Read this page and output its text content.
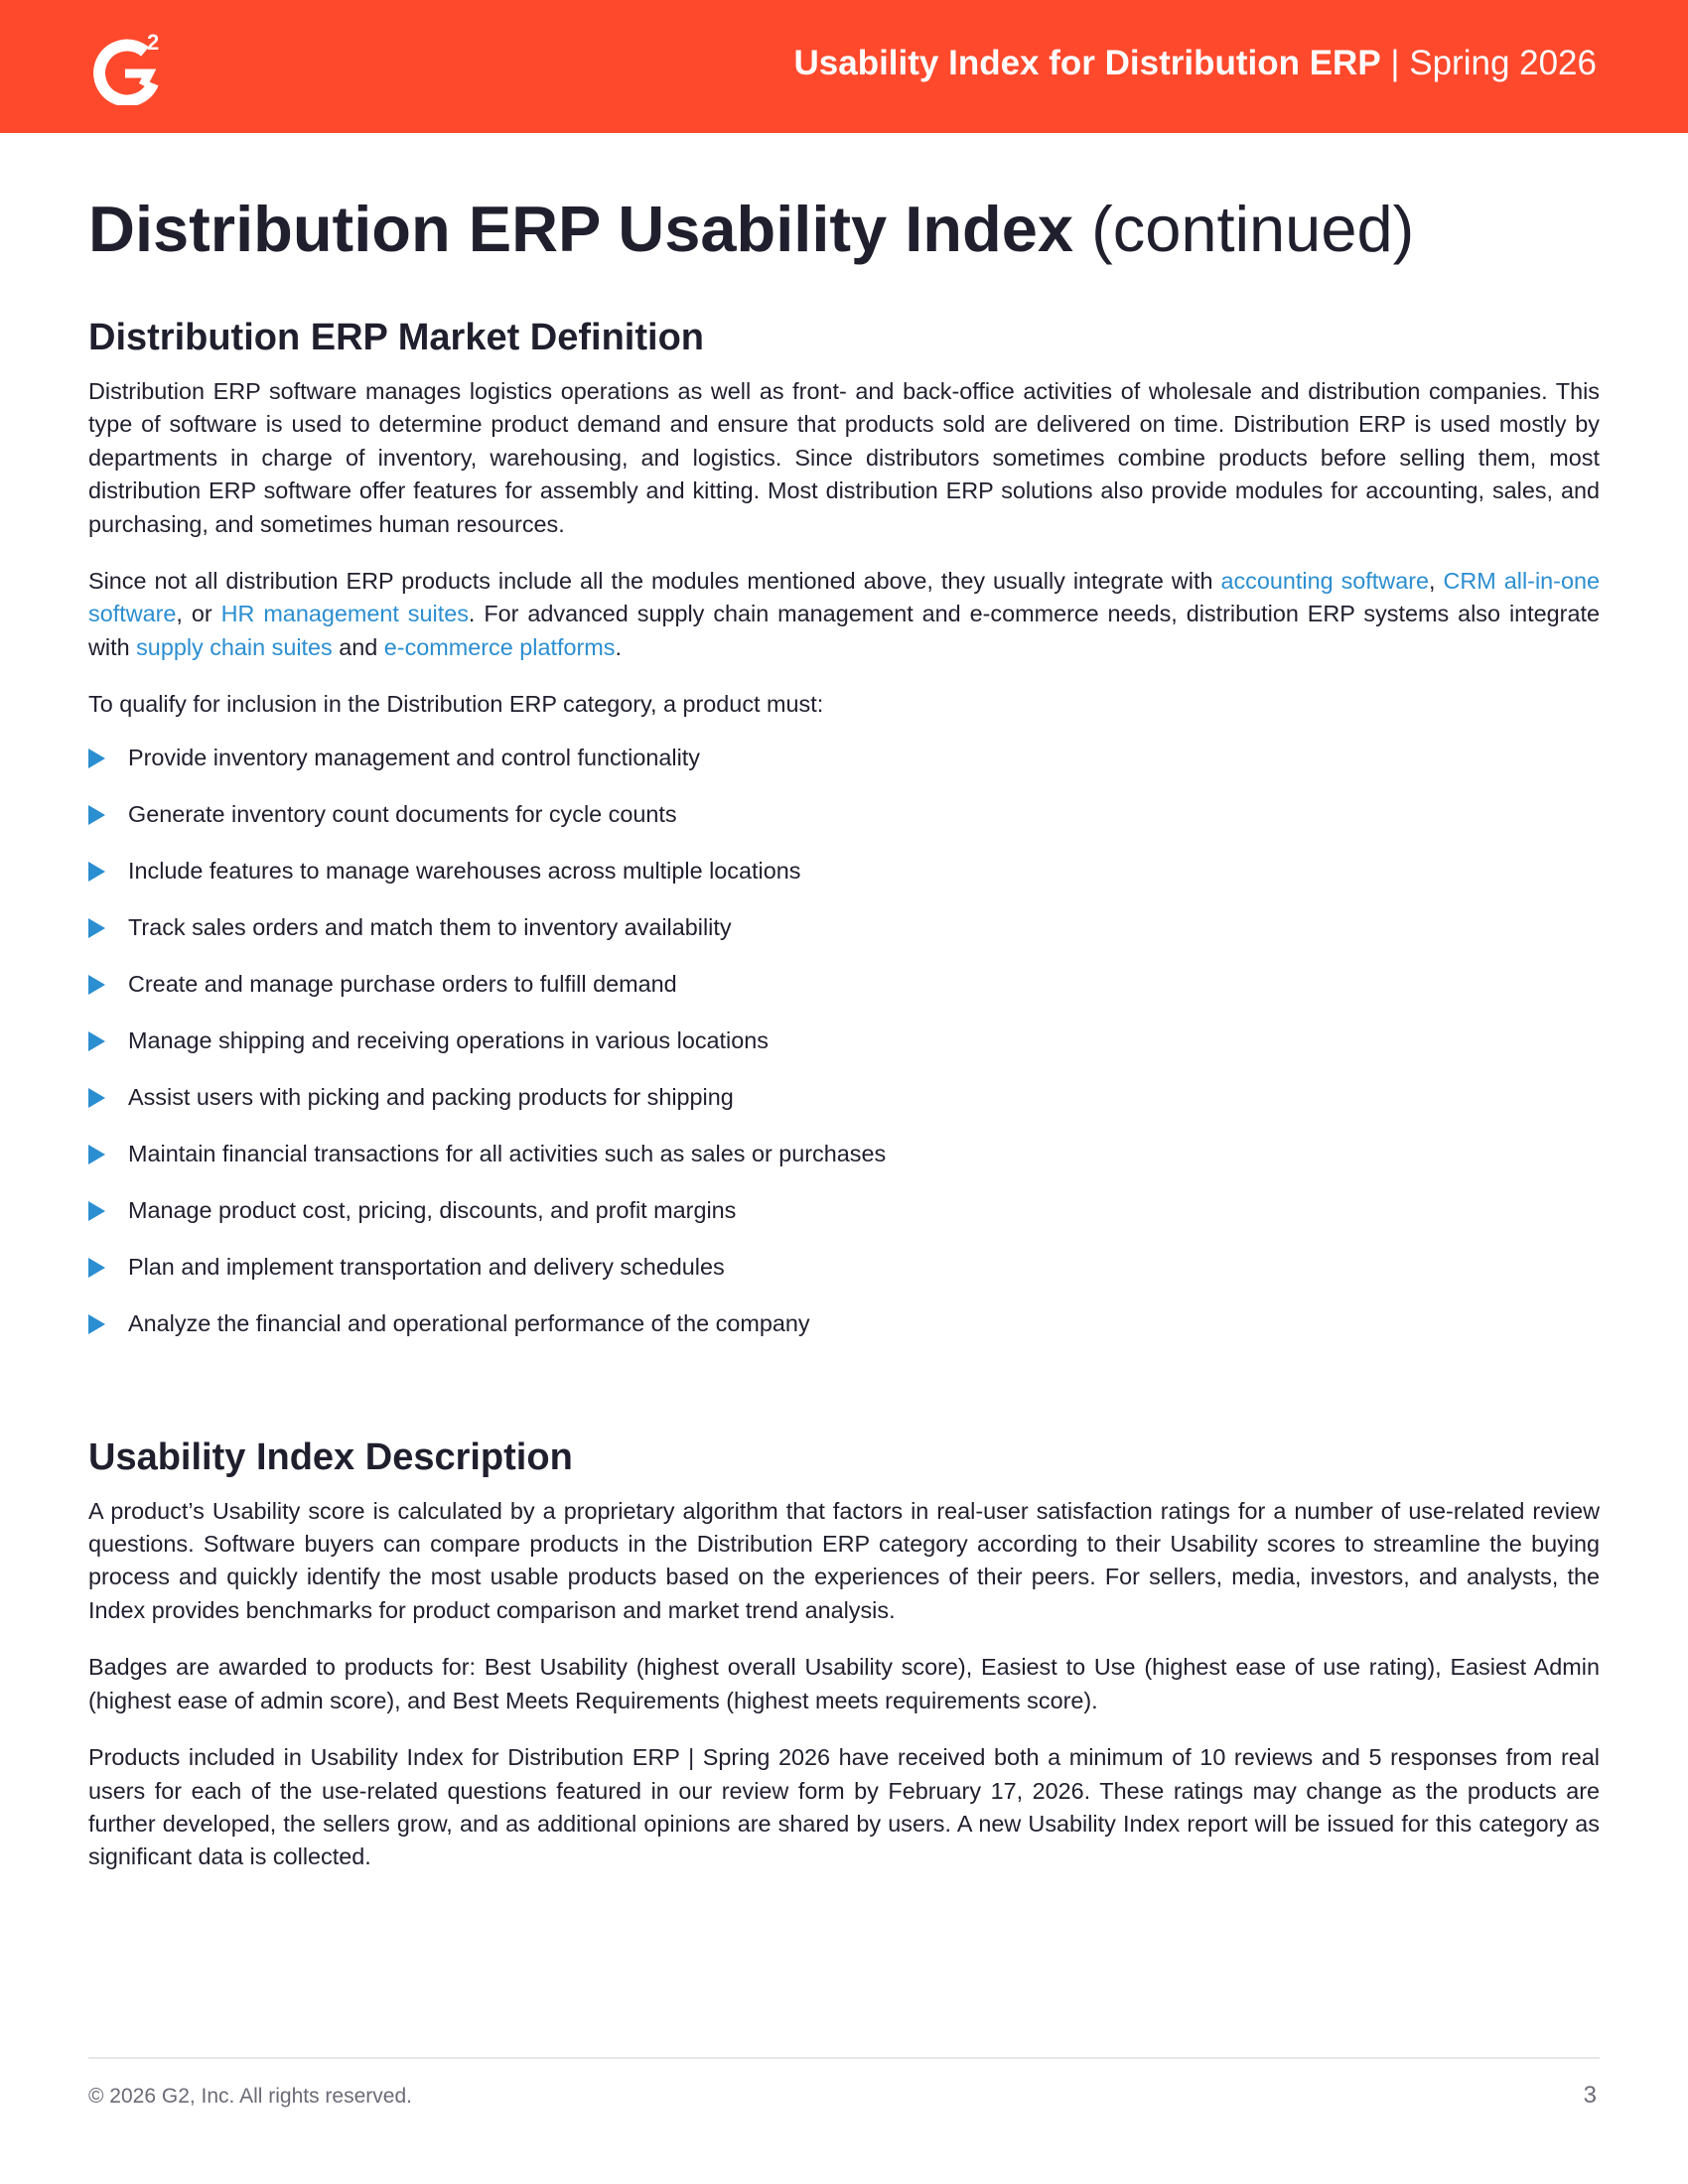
2
Usability Index for Distribution ERP | Spring 2026
Distribution ERP Usability Index (continued)
Distribution ERP Market Definition

Distribution ERP software manages logistics operations as well as front- and back-office activities of wholesale and distribution companies. This type of software is used to determine product demand and ensure that products sold are delivered on time. Distribution ERP is used mostly by departments in charge of inventory, warehousing, and logistics. Since distributors sometimes combine products before selling them, most distribution ERP software offer features for assembly and kitting. Most distribution ERP solutions also provide modules for accounting, sales, and purchasing, and sometimes human resources.

Since not all distribution ERP products include all the modules mentioned above, they usually integrate with accounting software, CRM all-in-one software, or HR management suites. For advanced supply chain management and e-commerce needs, distribution ERP systems also integrate with supply chain suites and e-commerce platforms.

To qualify for inclusion in the Distribution ERP category, a product must:

Provide inventory management and control functionality
Generate inventory count documents for cycle counts
Include features to manage warehouses across multiple locations
Track sales orders and match them to inventory availability
Create and manage purchase orders to fulfill demand
Manage shipping and receiving operations in various locations
Assist users with picking and packing products for shipping
Maintain financial transactions for all activities such as sales or purchases
Manage product cost, pricing, discounts, and profit margins
Plan and implement transportation and delivery schedules
Analyze the financial and operational performance of the company
Usability Index Description

A product’s Usability score is calculated by a proprietary algorithm that factors in real-user satisfaction ratings for a number of use-related review questions. Software buyers can compare products in the Distribution ERP category according to their Usability scores to streamline the buying process and quickly identify the most usable products based on the experiences of their peers. For sellers, media, investors, and analysts, the Index provides benchmarks for product comparison and market trend analysis.

Badges are awarded to products for: Best Usability (highest overall Usability score), Easiest to Use (highest ease of use rating), Easiest Admin (highest ease of admin score), and Best Meets Requirements (highest meets requirements score).

Products included in Usability Index for Distribution ERP | Spring 2026 have received both a minimum of 10 reviews and 5 responses from real users for each of the use-related questions featured in our review form by February 17, 2026. These ratings may change as the products are further developed, the sellers grow, and as additional opinions are shared by users. A new Usability Index report will be issued for this category as significant data is collected.

© 2026 G2, Inc. All rights reserved.	3
